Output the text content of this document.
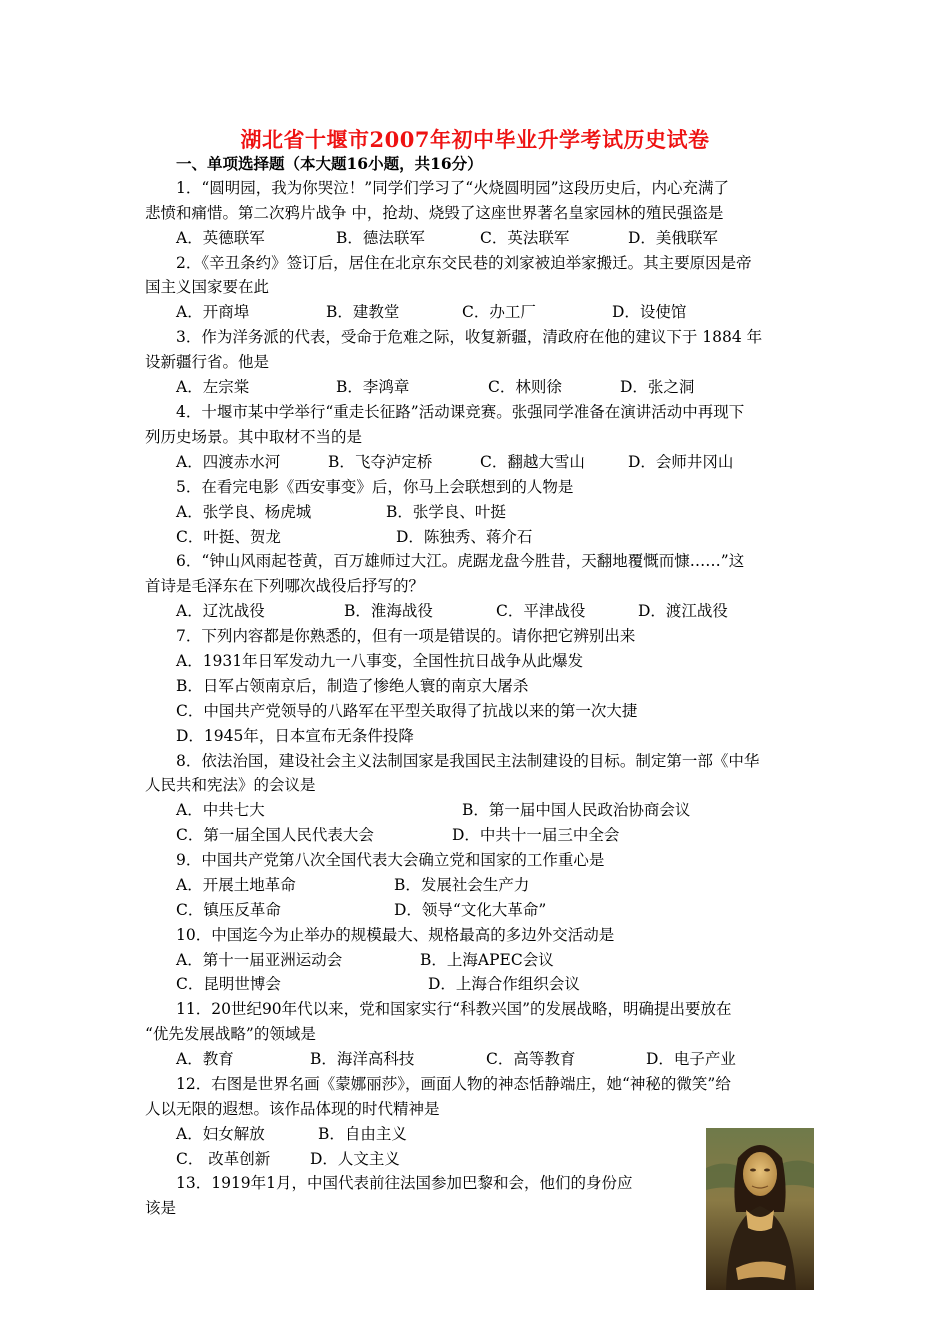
湖北省十堰市2007年初中毕业升学考试历史试卷
一、单项选择题（本大题16小题，共16分）
1．“圆明园，我为你哭泣！”同学们学习了“火烧圆明园”这段历史后，内心充满了
悲愤和痛惜。第二次鸦片战争 中，抢劫、烧毁了这座世界著名皇家园林的殖民强盗是
A．英德联军	B．德法联军	C．英法联军	D．美俄联军
2．《辛丑条约》签订后，居住在北京东交民巷的刘家被迫举家搬迁。其主要原因是帝
国主义国家要在此
A．开商埠	B．建教堂	C．办工厂	D．设使馆
3．作为洋务派的代表，受命于危难之际，收复新疆，清政府在他的建议下于 1884 年
设新疆行省。他是
A．左宗棠	B．李鸿章	C．林则徐	D．张之洞
4．十堰市某中学举行“重走长征路”活动课竞赛。张强同学准备在演讲活动中再现下
列历史场景。其中取材不当的是
A．四渡赤水河	B．飞夺泸定桥	C．翻越大雪山	D．会师井冈山
5．在看完电影《西安事变》后，你马上会联想到的人物是
A．张学良、杨虎城	B．张学良、叶挺
C．叶挺、贺龙	D．陈独秀、蒋介石
6．“钟山风雨起苍黄，百万雄师过大江。虎踞龙盘今胜昔，天翻地覆慨而慷……”这
首诗是毛泽东在下列哪次战役后抒写的？
A．辽沈战役	B．淮海战役	C．平津战役	D．渡江战役
7．下列内容都是你熟悉的，但有一项是错误的。请你把它辨别出来
A．1931年日军发动九一八事变，全国性抗日战争从此爆发
B．日军占领南京后，制造了惨绝人寰的南京大屠杀
C．中国共产党领导的八路军在平型关取得了抗战以来的第一次大捷
D．1945年，日本宣布无条件投降
8．依法治国，建设社会主义法制国家是我国民主法制建设的目标。制定第一部《中华
人民共和宪法》的会议是
A．中共七大	B．第一届中国人民政治协商会议
C．第一届全国人民代表大会	D．中共十一届三中全会
9．中国共产党第八次全国代表大会确立党和国家的工作重心是
A．开展土地革命	B．发展社会生产力
C．镇压反革命	D．领导“文化大革命”
10．中国迄今为止举办的规模最大、规格最高的多边外交活动是
A．第十一届亚洲运动会	B．上海APEC会议
C．昆明世博会	D．上海合作组织会议
11．20世纪90年代以来，党和国家实行“科教兴国”的发展战略，明确提出要放在
“优先发展战略”的领域是
A．教育	B．海洋高科技	C．高等教育	D．电子产业
12．右图是世界名画《蒙娜丽莎》，画面人物的神态恬静端庄，她“神秘的微笑”给
人以无限的遐想。该作品体现的时代精神是
A．妇女解放	B．自由主义
C． 改革创新	D．人文主义
13．1919年1月，中国代表前往法国参加巴黎和会，他们的身份应
该是
